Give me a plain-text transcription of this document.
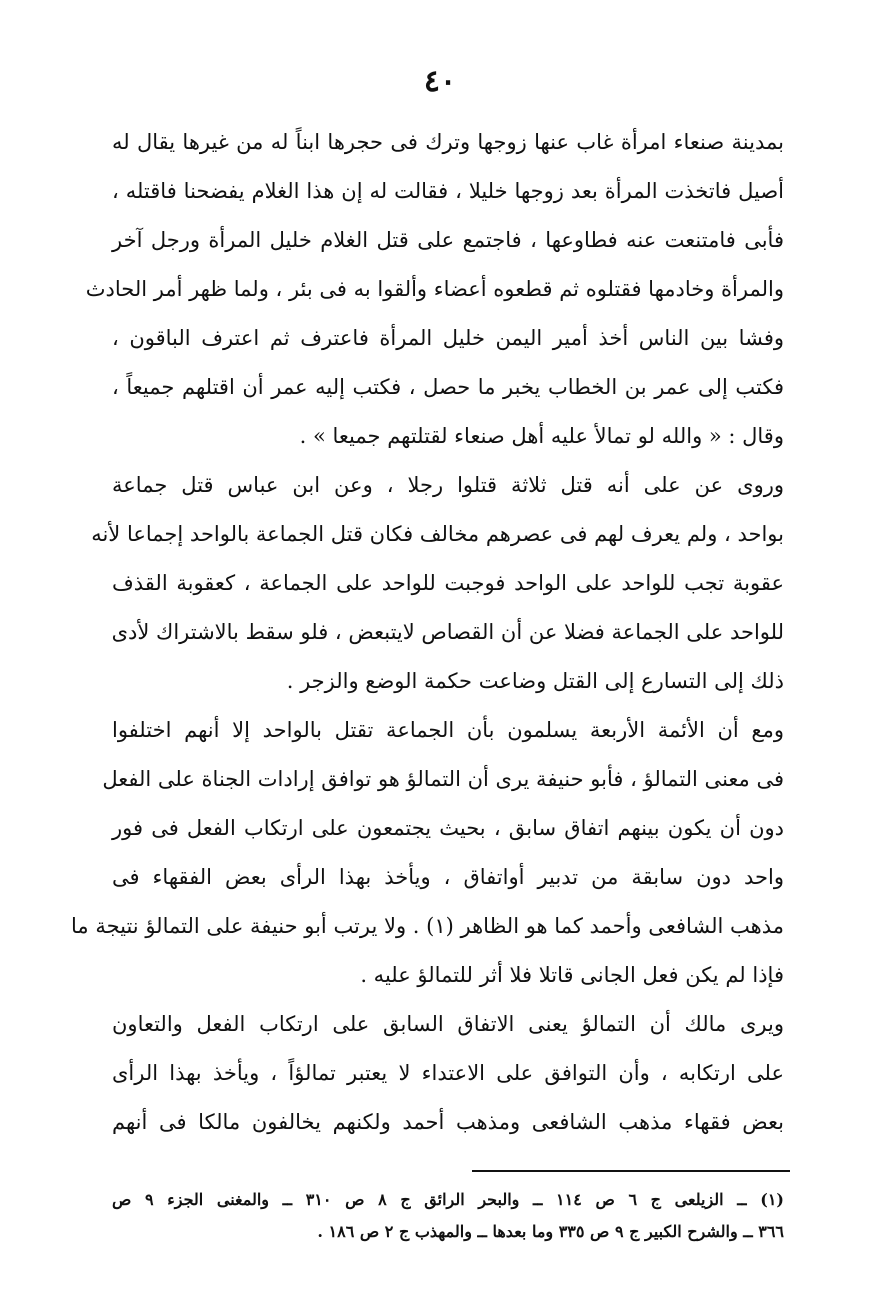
٤٠
بمدينة صنعاء امرأة غاب عنها زوجها وترك فى حجرها ابناً له من غيرها يقال له
أصيل فاتخذت المرأة بعد زوجها خليلا ، فقالت له إن هذا الغلام يفضحنا فاقتله ،
فأبى فامتنعت عنه فطاوعها ، فاجتمع على قتل الغلام خليل المرأة ورجل آخر
والمرأة وخادمها فقتلوه ثم قطعوه أعضاء وألقوا به فى بئر ، ولما ظهر أمر الحادث
وفشا بين الناس أخذ أمير اليمن خليل المرأة فاعترف ثم اعترف الباقون ،
فكتب إلى عمر بن الخطاب يخبر ما حصل ، فكتب إليه عمر أن اقتلهم جميعاً ،
وقال : « والله لو تمالأ عليه أهل صنعاء لقتلتهم جميعا » .
وروى عن على أنه قتل ثلاثة قتلوا رجلا ، وعن ابن عباس قتل جماعة
بواحد ، ولم يعرف لهم فى عصرهم مخالف فكان قتل الجماعة بالواحد إجماعا لأنه
عقوبة تجب للواحد على الواحد فوجبت للواحد على الجماعة ، كعقوبة القذف
للواحد على الجماعة فضلا عن أن القصاص لايتبعض ، فلو سقط بالاشتراك لأدى
ذلك إلى التسارع إلى القتل وضاعت حكمة الوضع والزجر .
ومع أن الأئمة الأربعة يسلمون بأن الجماعة تقتل بالواحد إلا أنهم اختلفوا
فى معنى التمالؤ ، فأبو حنيفة يرى أن التمالؤ هو توافق إرادات الجناة على الفعل
دون أن يكون بينهم اتفاق سابق ، بحيث يجتمعون على ارتكاب الفعل فى فور
واحد دون سابقة من تدبير أواتفاق ، ويأخذ بهذا الرأى بعض الفقهاء فى
مذهب الشافعى وأحمد كما هو الظاهر (١) . ولا يرتب أبو حنيفة على التمالؤ نتيجة ما
فإذا لم يكن فعل الجانى قاتلا فلا أثر للتمالؤ عليه .
ويرى مالك أن التمالؤ يعنى الاتفاق السابق على ارتكاب الفعل والتعاون
على ارتكابه ، وأن التوافق على الاعتداء لا يعتبر تمالؤاً ، ويأخذ بهذا الرأى
بعض فقهاء مذهب الشافعى ومذهب أحمد ولكنهم يخالفون مالكا فى أنهم
(١) ــ الزيلعى ج ٦ ص ١١٤ ــ والبحر الرائق ج ٨ ص ٣١٠ ــ والمغنى الجزء ٩ ص
٣٦٦ ــ والشرح الكبير ج ٩ ص ٣٣٥ وما بعدها ــ والمهذب ج ٢ ص ١٨٦ .
